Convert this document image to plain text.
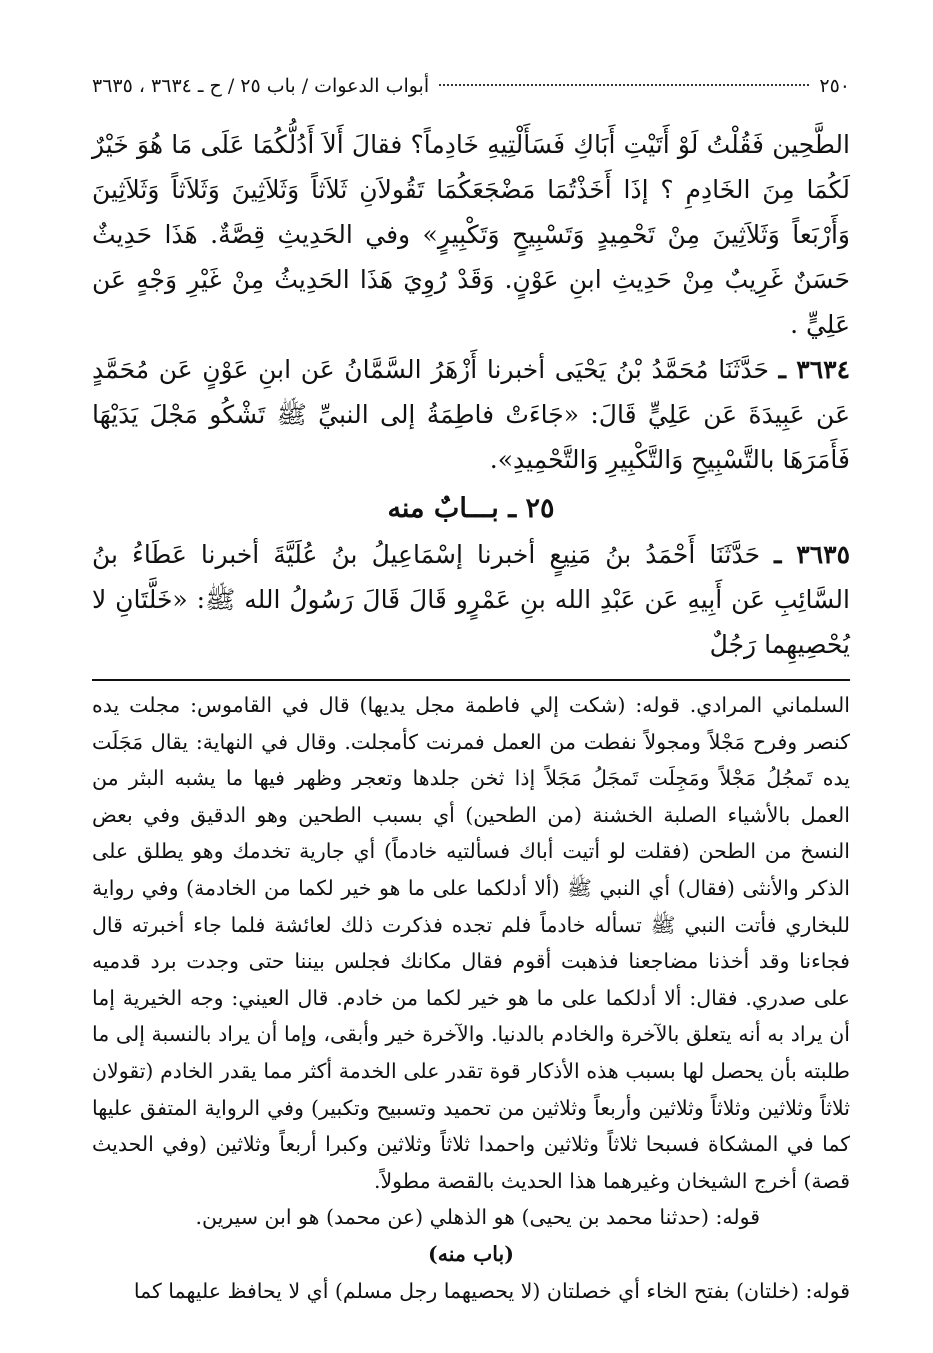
٢٥٠
أبواب الدعوات / باب ٢٥ / ح ـ ٣٦٣٤ ، ٣٦٣٥

الطَّحِين فَقُلْتُ لَوْ أَتَيْتِ أَبَاكِ فَسَأَلْتِيهِ خَادِماً؟ فقالَ أَلاَ أَدُلُّكُمَا عَلَى مَا هُوَ خَيْرٌ لَكُمَا مِنَ الخَادِمِ ؟ إذَا أَخَذْتُمَا مَضْجَعَكُمَا تَقُولاَنِ ثَلاَثاً وَثَلاَثِينَ وَثَلاَثاً وَثَلاَثِينَ وَأَرْبَعاً وَثَلاَثِينَ مِنْ تَحْمِيدٍ وَتَسْبِيحٍ وَتَكْبِيرٍ» وفي الحَدِيثِ قِصَّةٌ. هَذَا حَدِيثٌ حَسَنٌ غَرِيبٌ مِنْ حَدِيثِ ابنِ عَوْنٍ. وَقَدْ رُوِيَ هَذَا الحَدِيثُ مِنْ غَيْرِ وَجْهٍ عَن عَلِيٍّ .

٣٦٣٤ ـ حَدَّثَنَا مُحَمَّدُ بْنُ يَحْيَى أخبرنا أَزْهَرُ السَّمَّانُ عَن ابنِ عَوْنٍ عَن مُحَمَّدٍ عَن عَبِيدَةَ عَن عَلِيٍّ قَالَ: «جَاءَتْ فاطِمَةُ إلى النبيِّ ﷺ تَشْكُو مَجْلَ يَدَيْهَا فَأَمَرَهَا بالتَّسْبِيحِ وَالتَّكْبِيرِ وَالتَّحْمِيدِ».

٢٥ ـ بـــابٌ منه

٣٦٣٥ ـ حَدَّثَنَا أَحْمَدُ بنُ مَنِيعٍ أخبرنا إسْمَاعِيلُ بنُ عُلَيَّةَ أخبرنا عَطَاءُ بنُ السَّائِبِ عَن أَبِيهِ عَن عَبْدِ الله بنِ عَمْرٍو قَالَ قَالَ رَسُولُ الله ﷺ: «خَلَّتَانِ لا يُحْصِيهِما رَجُلٌ

السلماني المرادي. قوله: (شكت إلي فاطمة مجل يديها) قال في القاموس: مجلت يده كنصر وفرح مَجْلاً ومجولاً نفطت من العمل فمرنت كأمجلت. وقال في النهاية: يقال مَجَلَت يده تَمجُلُ مَجْلاً ومَجِلَت تَمجَلُ مَجَلاً إذا ثخن جلدها وتعجر وظهر فيها ما يشبه البثر من العمل بالأشياء الصلبة الخشنة (من الطحين) أي بسبب الطحين وهو الدقيق وفي بعض النسخ من الطحن (فقلت لو أتيت أباك فسألتيه خادماً) أي جارية تخدمك وهو يطلق على الذكر والأنثى (فقال) أي النبي ﷺ (ألا أدلكما على ما هو خير لكما من الخادمة) وفي رواية للبخاري فأتت النبي ﷺ تسأله خادماً فلم تجده فذكرت ذلك لعائشة فلما جاء أخبرته قال فجاءنا وقد أخذنا مضاجعنا فذهبت أقوم فقال مكانك فجلس بيننا حتى وجدت برد قدميه على صدري. فقال: ألا أدلكما على ما هو خير لكما من خادم. قال العيني: وجه الخيرية إما أن يراد به أنه يتعلق بالآخرة والخادم بالدنيا. والآخرة خير وأبقى، وإما أن يراد بالنسبة إلى ما طلبته بأن يحصل لها بسبب هذه الأذكار قوة تقدر على الخدمة أكثر مما يقدر الخادم (تقولان ثلاثاً وثلاثين وثلاثاً وثلاثين وأربعاً وثلاثين من تحميد وتسبيح وتكبير) وفي الرواية المتفق عليها كما في المشكاة فسبحا ثلاثاً وثلاثين واحمدا ثلاثاً وثلاثين وكبرا أربعاً وثلاثين (وفي الحديث قصة) أخرج الشيخان وغيرهما هذا الحديث بالقصة مطولاً.

قوله: (حدثنا محمد بن يحيى) هو الذهلي (عن محمد) هو ابن سيرين.

(باب منه)

قوله: (خلتان) بفتح الخاء أي خصلتان (لا يحصيهما رجل مسلم) أي لا يحافظ عليهما كما
